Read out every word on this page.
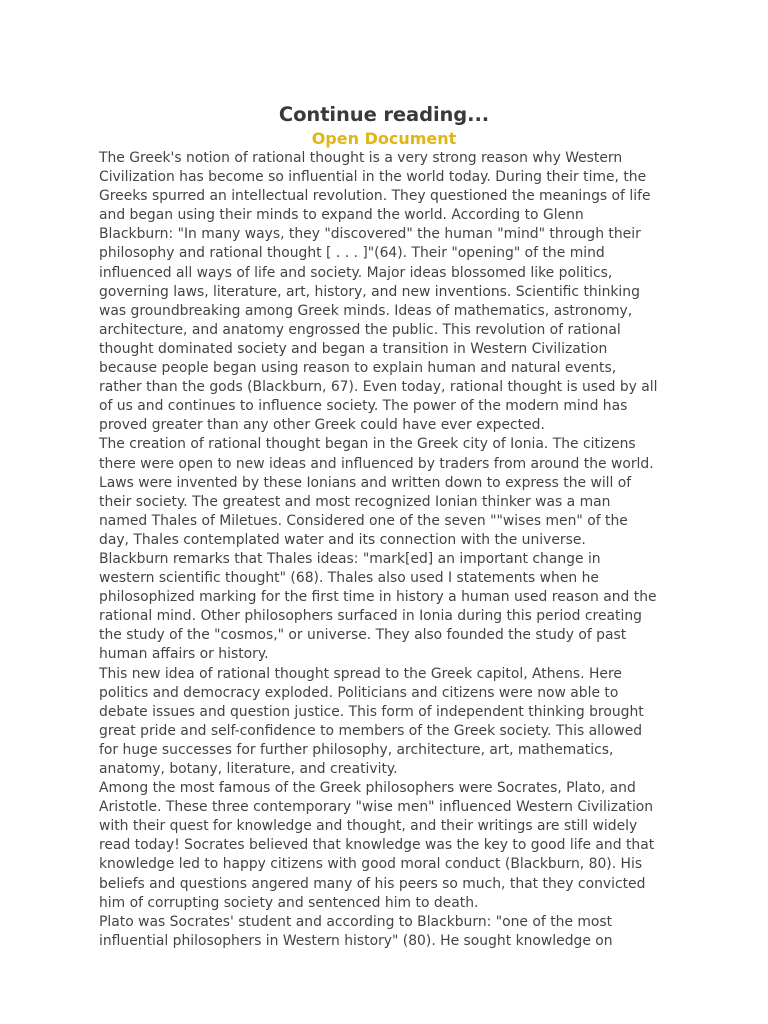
Continue reading...
Open Document
The Greek's notion of rational thought is a very strong reason why Western
Civilization has become so influential in the world today. During their time, the
Greeks spurred an intellectual revolution. They questioned the meanings of life
and began using their minds to expand the world. According to Glenn
Blackburn: "In many ways, they "discovered" the human "mind" through their
philosophy and rational thought [ . . . ]"(64). Their "opening" of the mind
influenced all ways of life and society. Major ideas blossomed like politics,
governing laws, literature, art, history, and new inventions. Scientific thinking
was groundbreaking among Greek minds. Ideas of mathematics, astronomy,
architecture, and anatomy engrossed the public. This revolution of rational
thought dominated society and began a transition in Western Civilization
because people began using reason to explain human and natural events,
rather than the gods (Blackburn, 67). Even today, rational thought is used by all
of us and continues to influence society. The power of the modern mind has
proved greater than any other Greek could have ever expected.
The creation of rational thought began in the Greek city of Ionia. The citizens
there were open to new ideas and influenced by traders from around the world.
Laws were invented by these Ionians and written down to express the will of
their society. The greatest and most recognized Ionian thinker was a man
named Thales of Miletues. Considered one of the seven ""wises men" of the
day, Thales contemplated water and its connection with the universe.
Blackburn remarks that Thales ideas: "mark[ed] an important change in
western scientific thought" (68). Thales also used I statements when he
philosophized marking for the first time in history a human used reason and the
rational mind. Other philosophers surfaced in Ionia during this period creating
the study of the "cosmos," or universe. They also founded the study of past
human affairs or history.
This new idea of rational thought spread to the Greek capitol, Athens. Here
politics and democracy exploded. Politicians and citizens were now able to
debate issues and question justice. This form of independent thinking brought
great pride and self-confidence to members of the Greek society. This allowed
for huge successes for further philosophy, architecture, art, mathematics,
anatomy, botany, literature, and creativity.
Among the most famous of the Greek philosophers were Socrates, Plato, and
Aristotle. These three contemporary "wise men" influenced Western Civilization
with their quest for knowledge and thought, and their writings are still widely
read today! Socrates believed that knowledge was the key to good life and that
knowledge led to happy citizens with good moral conduct (Blackburn, 80). His
beliefs and questions angered many of his peers so much, that they convicted
him of corrupting society and sentenced him to death.
Plato was Socrates' student and according to Blackburn: "one of the most
influential philosophers in Western history" (80). He sought knowledge on
